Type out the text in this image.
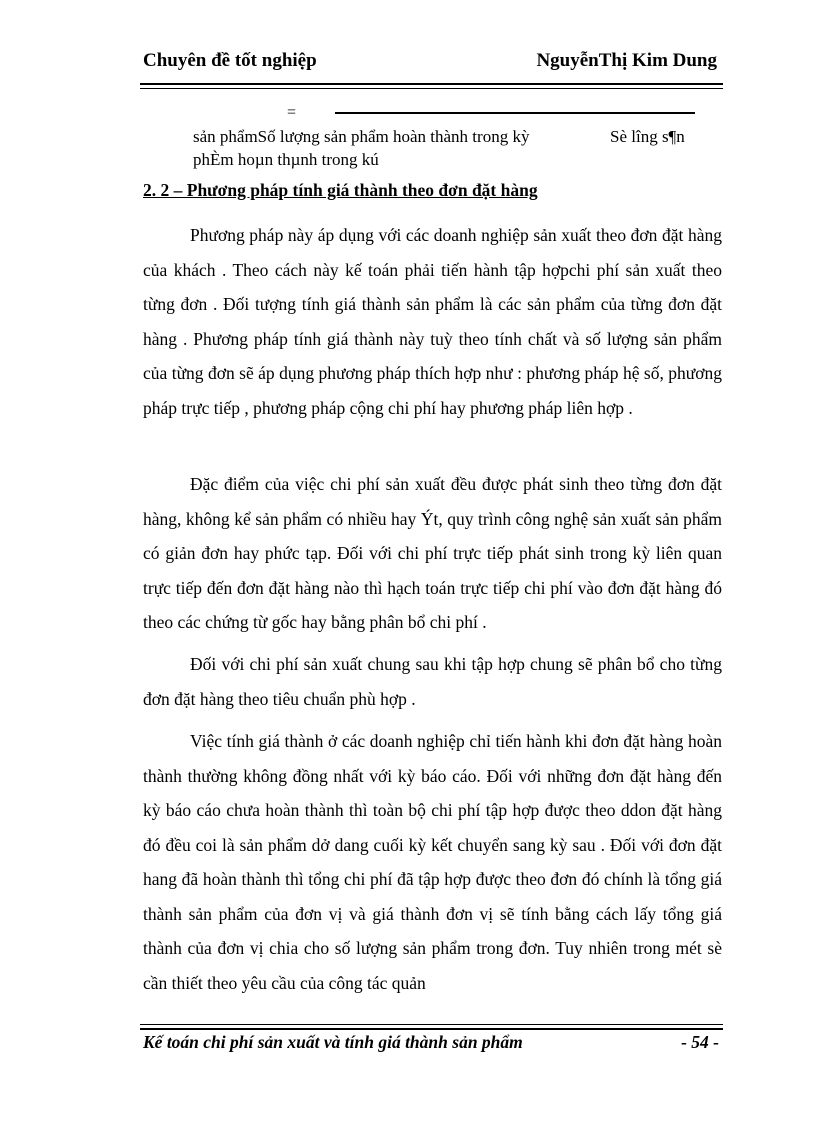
Chuyên đề tốt nghiệp	NguyễnThị Kim Dung
=
sản phẩmSố lượng sản phẩm hoàn thành trong kỳ	Sè lîng s¶n
phÈm hoµn thµnh trong kú
2. 2 – Phương pháp tính giá thành theo đơn đặt hàng

Phương pháp này áp dụng với các doanh nghiệp sản xuất theo đơn đặt hàng của khách . Theo cách này kế toán phải tiến hành tập hợpchi phí sản xuất theo từng đơn . Đối tượng tính giá thành sản phẩm là các sản phẩm của từng đơn đặt hàng . Phương pháp tính giá thành này tuỳ theo tính chất và số lượng sản phẩm của từng đơn sẽ áp dụng phương pháp thích hợp như : phương pháp hệ số, phương pháp trực tiếp , phương pháp cộng chi phí hay phương pháp liên hợp .

Đặc điểm của việc chi phí sản xuất đều được phát sinh theo từng đơn đặt hàng, không kể sản phẩm có nhiều hay Ýt, quy trình công nghệ sản xuất sản phẩm có giản đơn hay phức tạp. Đối với chi phí trực tiếp phát sinh trong kỳ liên quan trực tiếp đến đơn đặt hàng nào thì hạch toán trực tiếp chi phí vào đơn đặt hàng đó theo các chứng từ gốc hay bằng phân bổ chi phí .

Đối với chi phí sản xuất chung sau khi tập hợp chung sẽ phân bổ cho từng đơn đặt hàng theo tiêu chuẩn phù hợp .

Việc tính giá thành ở các doanh nghiệp chỉ tiến hành khi đơn đặt hàng hoàn thành thường không đồng nhất với kỳ báo cáo. Đối với những đơn đặt hàng đến kỳ báo cáo chưa hoàn thành thì toàn bộ chi phí tập hợp được theo ddon đặt hàng đó đều coi là sản phẩm dở dang cuối kỳ kết chuyển sang kỳ sau . Đối với đơn đặt hang đã hoàn thành thì tổng chi phí đã tập hợp được theo đơn đó chính là tổng giá thành sản phẩm của đơn vị và giá thành đơn vị sẽ tính bằng cách lấy tổng giá thành của đơn vị chia cho số lượng sản phẩm trong đơn. Tuy nhiên trong mét sè cần thiết theo yêu cầu của công tác quản

Kế toán chi phí sản xuất và tính giá thành sản phẩm	- 54 -
